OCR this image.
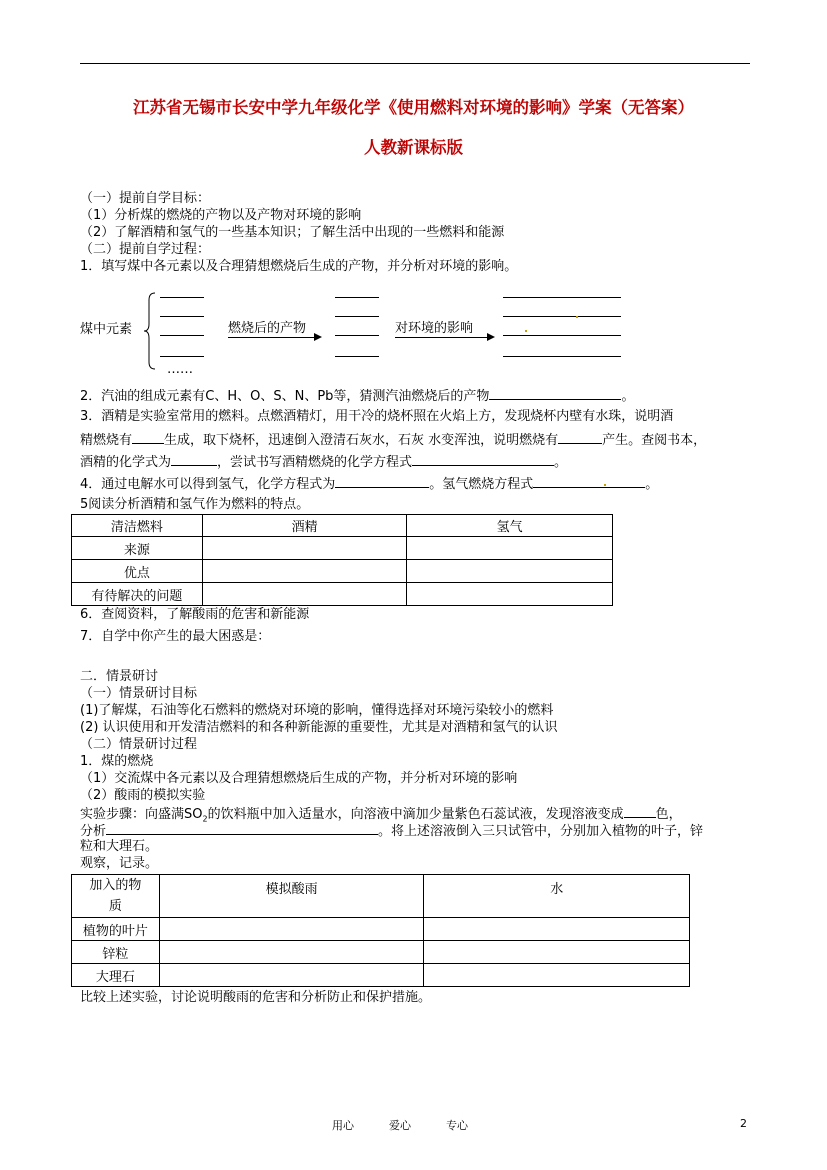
江苏省无锡市长安中学九年级化学《使用燃料对环境的影响》学案（无答案）
人教新课标版
（一）提前自学目标：
（1）分析煤的燃烧的产物以及产物对环境的影响
（2）了解酒精和氢气的一些基本知识；了解生活中出现的一些燃料和能源
（二）提前自学过程：
1．填写煤中各元素以及合理猜想燃烧后生成的产物，并分析对环境的影响。
煤中元素
……
燃烧后的产物	对环境的影响
2．汽油的组成元素有C、H、O、S、N、Pb等，猜测汽油燃烧后的产物	。
3．酒精是实验室常用的燃料。点燃酒精灯，用干冷的烧杯照在火焰上方，发现烧杯内壁有水珠，说明酒
精燃烧有 生成，取下烧杯，迅速倒入澄清石灰水，石灰 水变浑浊，说明燃烧有	产生。查阅书本，
酒精的化学式为	，尝试书写酒精燃烧的化学方程式	。
4．通过电解水可以得到氢气，化学方程式为	。氢气燃烧方程式	。
5阅读分析酒精和氢气作为燃料的特点。
清洁燃料	酒精	氢气
来源		
优点		
有待解决的问题		
6．查阅资料，了解酸雨的危害和新能源
7．自学中你产生的最大困惑是：
二．情景研讨
（一）情景研讨目标
(1)了解煤，石油等化石燃料的燃烧对环境的影响，懂得选择对环境污染较小的燃料
(2) 认识使用和开发清洁燃料的和各种新能源的重要性，尤其是对酒精和氢气的认识
（二）情景研讨过程
1．煤的燃烧
（1）交流煤中各元素以及合理猜想燃烧后生成的产物，并分析对环境的影响
（2）酸雨的模拟实验
实验步骤：向盛满$SO_2$的饮料瓶中加入适量水，向溶液中滴加少量紫色石蕊试液，发现溶液变成 色，
分析	。将上述溶液倒入三只试管中，分别加入植物的叶子，锌
粒和大理石。
观察，记录。
加入的物
质	模拟酸雨	水
植物的叶片		
锌粒		
大理石		
比较上述实验，讨论说明酸雨的危害和分析防止和保护措施。
用心	爱心	专心	2
